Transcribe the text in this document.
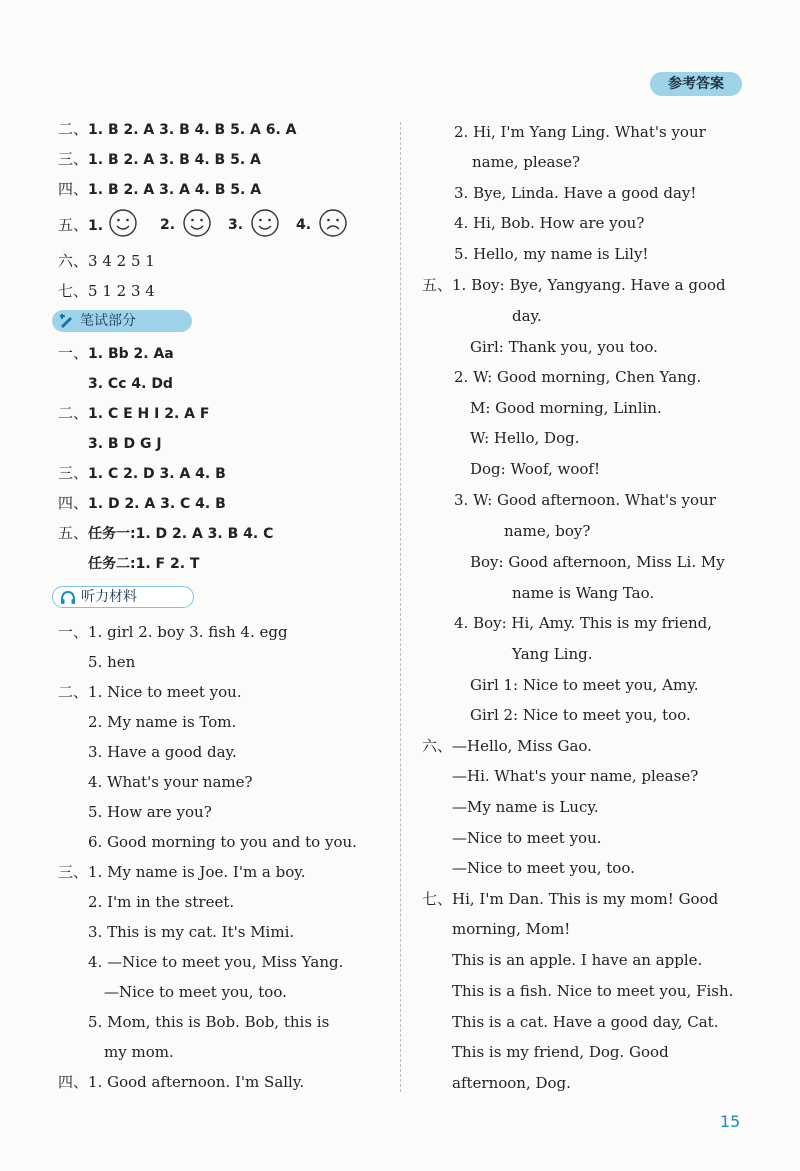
参考答案
二、1. B 2. A 3. B 4. B 5. A 6. A
三、1. B 2. A 3. B 4. B 5. A
四、1. B 2. A 3. A 4. B 5. A
五、1.	2.	3.	4.
六、3 4 2 5 1
七、5 1 2 3 4
笔试部分
一、1. Bb 2. Aa
3. Cc 4. Dd
二、1. C E H I 2. A F
3. B D G J
三、1. C 2. D 3. A 4. B
四、1. D 2. A 3. C 4. B
五、任务一:1. D 2. A 3. B 4. C
任务二:1. F 2. T
听力材料
一、1. girl 2. boy 3. fish 4. egg
5. hen
二、1. Nice to meet you.
2. My name is Tom.
3. Have a good day.
4. What's your name?
5. How are you?
6. Good morning to you and to you.
三、1. My name is Joe. I'm a boy.
2. I'm in the street.
3. This is my cat. It's Mimi.
4. —Nice to meet you, Miss Yang.
—Nice to meet you, too.
5. Mom, this is Bob. Bob, this is
my mom.
四、1. Good afternoon. I'm Sally.
2. Hi, I'm Yang Ling. What's your
name, please?
3. Bye, Linda. Have a good day!
4. Hi, Bob. How are you?
5. Hello, my name is Lily!
五、1. Boy: Bye, Yangyang. Have a good
day.
Girl: Thank you, you too.
2. W: Good morning, Chen Yang.
M: Good morning, Linlin.
W: Hello, Dog.
Dog: Woof, woof!
3. W: Good afternoon. What's your
name, boy?
Boy: Good afternoon, Miss Li. My
name is Wang Tao.
4. Boy: Hi, Amy. This is my friend,
Yang Ling.
Girl 1: Nice to meet you, Amy.
Girl 2: Nice to meet you, too.
六、—Hello, Miss Gao.
—Hi. What's your name, please?
—My name is Lucy.
—Nice to meet you.
—Nice to meet you, too.
七、Hi, I'm Dan. This is my mom! Good
morning, Mom!
This is an apple. I have an apple.
This is a fish. Nice to meet you, Fish.
This is a cat. Have a good day, Cat.
This is my friend, Dog. Good
afternoon, Dog.
15
